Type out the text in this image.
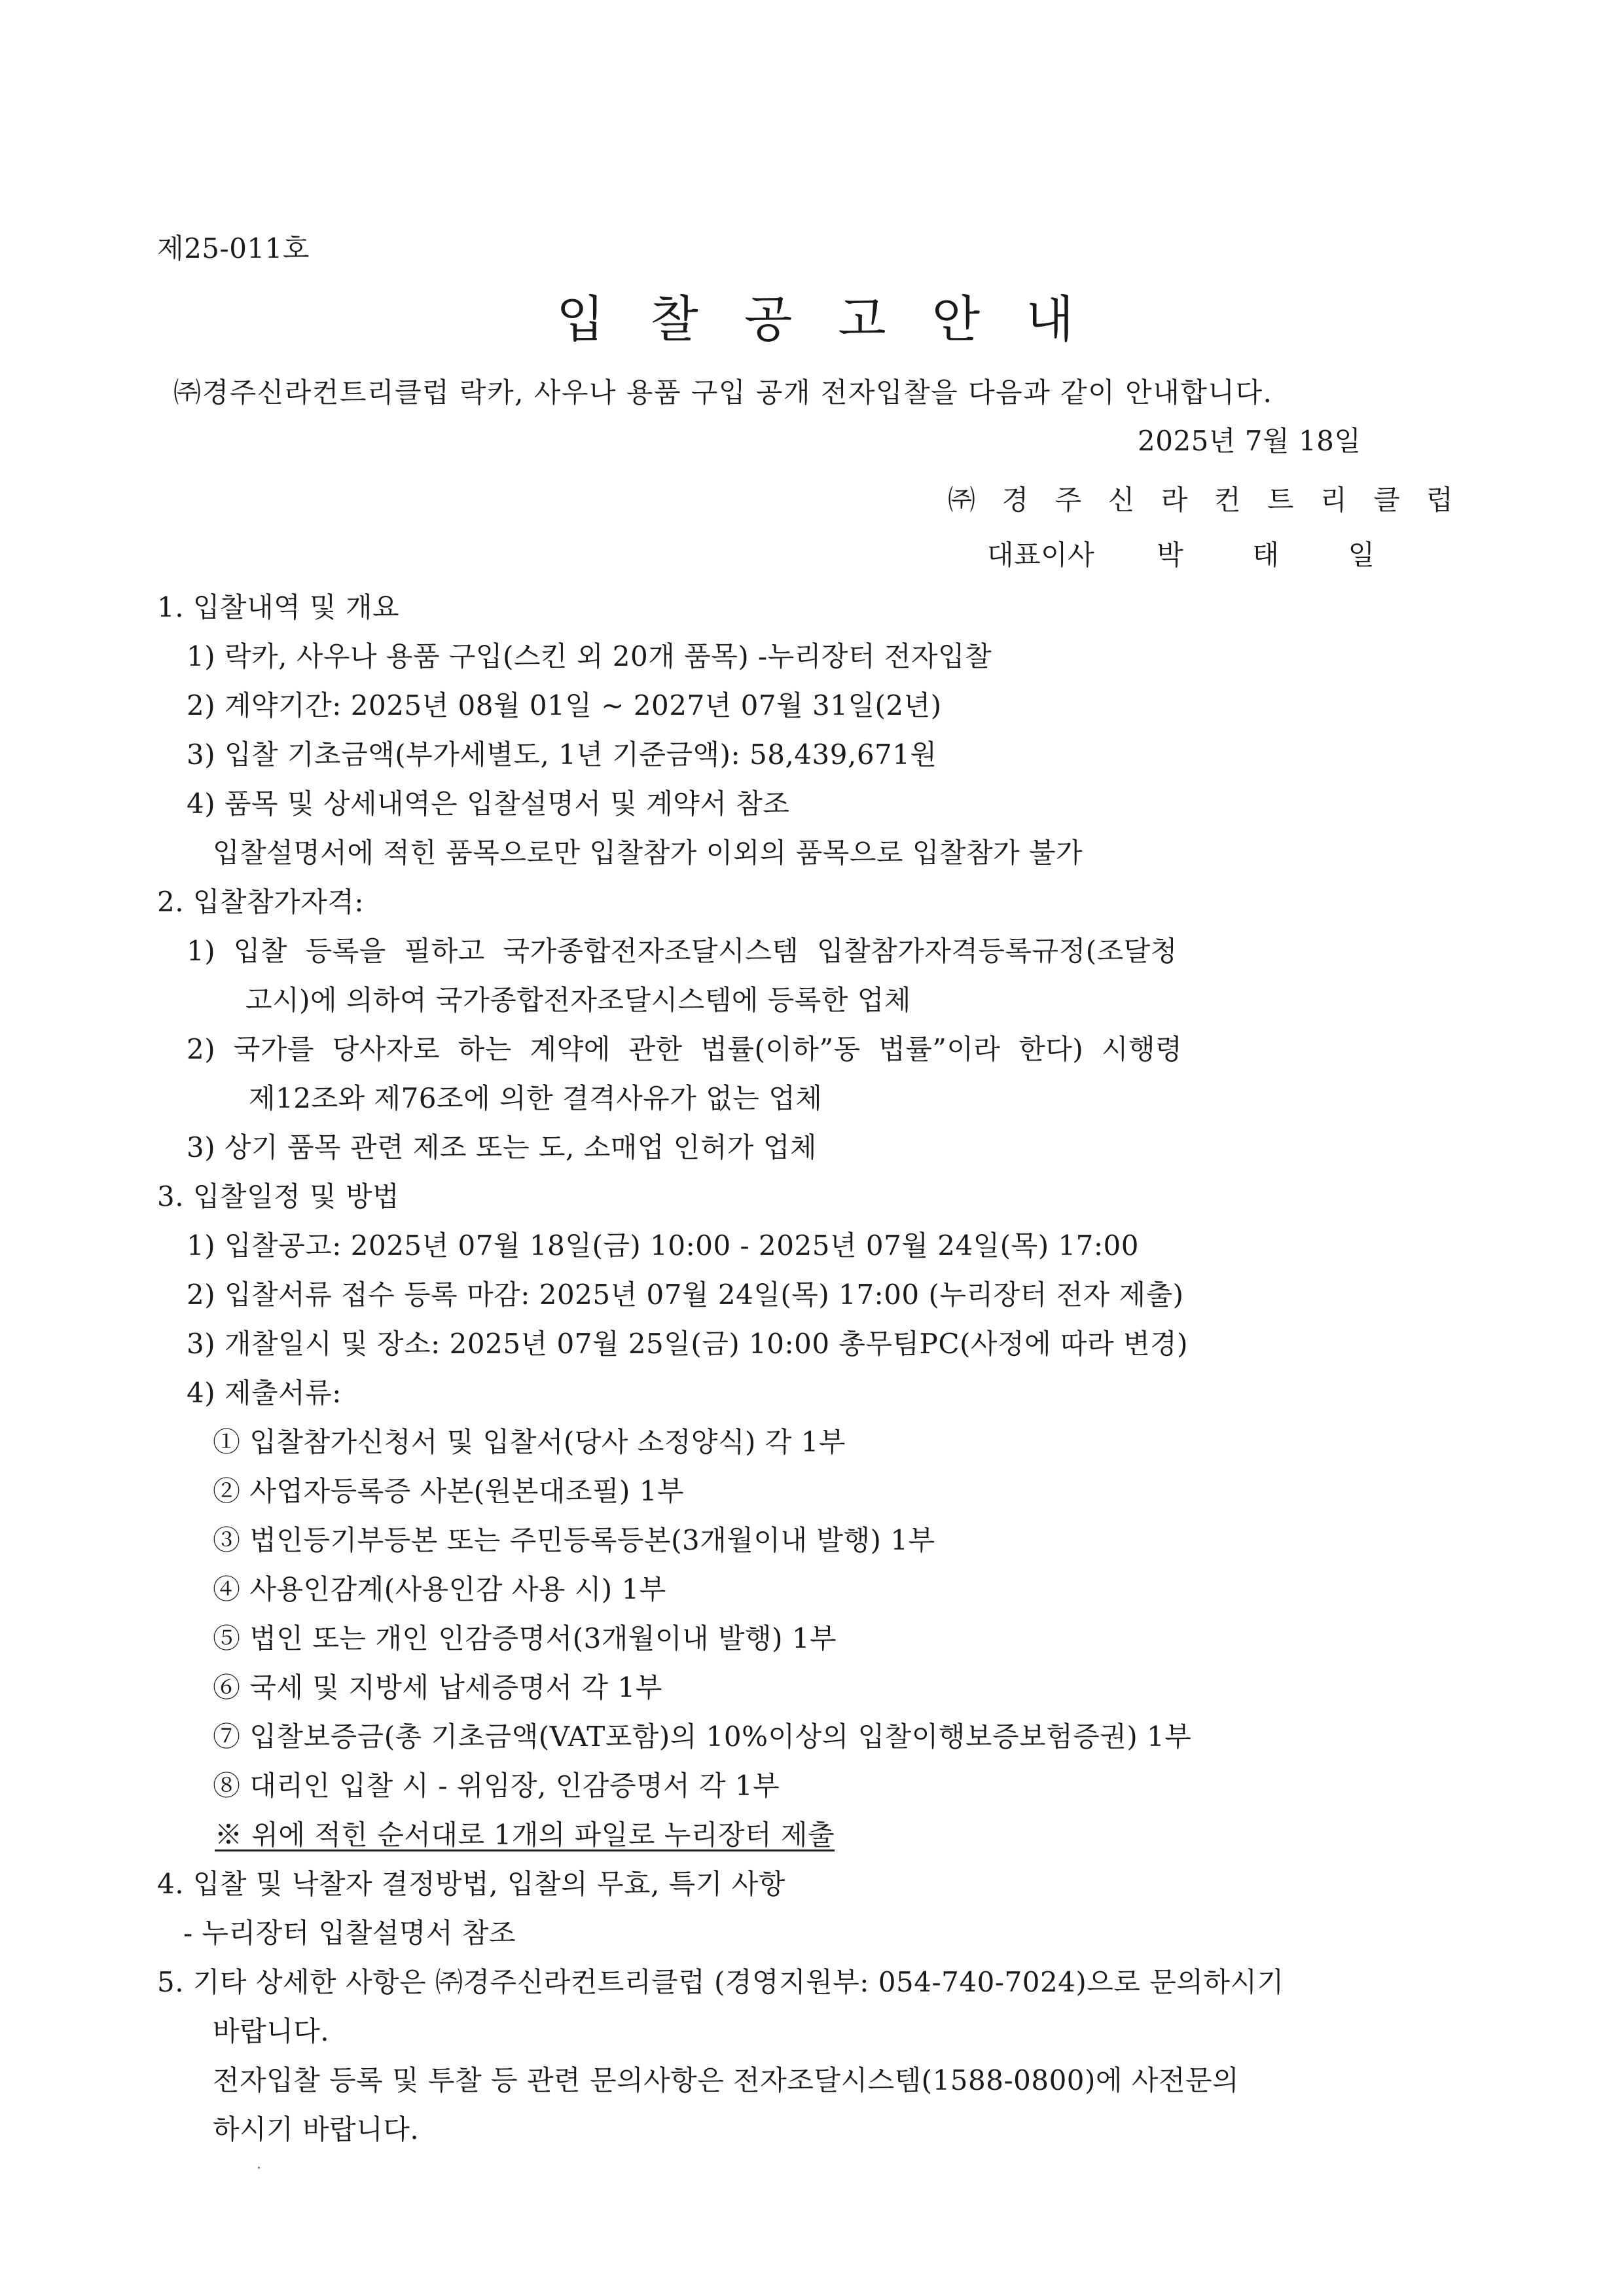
제25-011호
입 찰 공 고 안 내
㈜경주신라컨트리클럽 락카, 사우나 용품 구입 공개 전자입찰을 다음과 같이 안내합니다.
2025년 7월 18일
㈜ 경 주 신 라 컨 트 리 클 럽
대표이사 박	태	일
1. 입찰내역 및 개요
1) 락카, 사우나 용품 구입(스킨 외 20개 품목) -누리장터 전자입찰
2) 계약기간: 2025년 08월 01일 ~ 2027년 07월 31일(2년)
3) 입찰 기초금액(부가세별도, 1년 기준금액): 58,439,671원
4) 품목 및 상세내역은 입찰설명서 및 계약서 참조
입찰설명서에 적힌 품목으로만 입찰참가 이외의 품목으로 입찰참가 불가
2. 입찰참가자격:
1)  입찰  등록을  필하고  국가종합전자조달시스템  입찰참가자격등록규정(조달청
고시)에 의하여 국가종합전자조달시스템에 등록한 업체
2)  국가를  당사자로  하는  계약에  관한  법률(이하”동  법률”이라  한다)  시행령
제12조와 제76조에 의한 결격사유가 없는 업체
3) 상기 품목 관련 제조 또는 도, 소매업 인허가 업체
3. 입찰일정 및 방법
1) 입찰공고: 2025년 07월 18일(금) 10:00 - 2025년 07월 24일(목) 17:00
2) 입찰서류 접수 등록 마감: 2025년 07월 24일(목) 17:00 (누리장터 전자 제출)
3) 개찰일시 및 장소: 2025년 07월 25일(금) 10:00 총무팀PC(사정에 따라 변경)
4) 제출서류:
① 입찰참가신청서 및 입찰서(당사 소정양식) 각 1부
② 사업자등록증 사본(원본대조필) 1부
③ 법인등기부등본 또는 주민등록등본(3개월이내 발행) 1부
④ 사용인감계(사용인감 사용 시) 1부
⑤ 법인 또는 개인 인감증명서(3개월이내 발행) 1부
⑥ 국세 및 지방세 납세증명서 각 1부
⑦ 입찰보증금(총 기초금액(VAT포함)의 10%이상의 입찰이행보증보험증권) 1부
⑧ 대리인 입찰 시 - 위임장, 인감증명서 각 1부
※ 위에 적힌 순서대로 1개의 파일로 누리장터 제출
4. 입찰 및 낙찰자 결정방법, 입찰의 무효, 특기 사항
- 누리장터 입찰설명서 참조
5. 기타 상세한 사항은 ㈜경주신라컨트리클럽 (경영지원부: 054-740-7024)으로 문의하시기
바랍니다.
전자입찰 등록 및 투찰 등 관련 문의사항은 전자조달시스템(1588-0800)에 사전문의
하시기 바랍니다.
·
